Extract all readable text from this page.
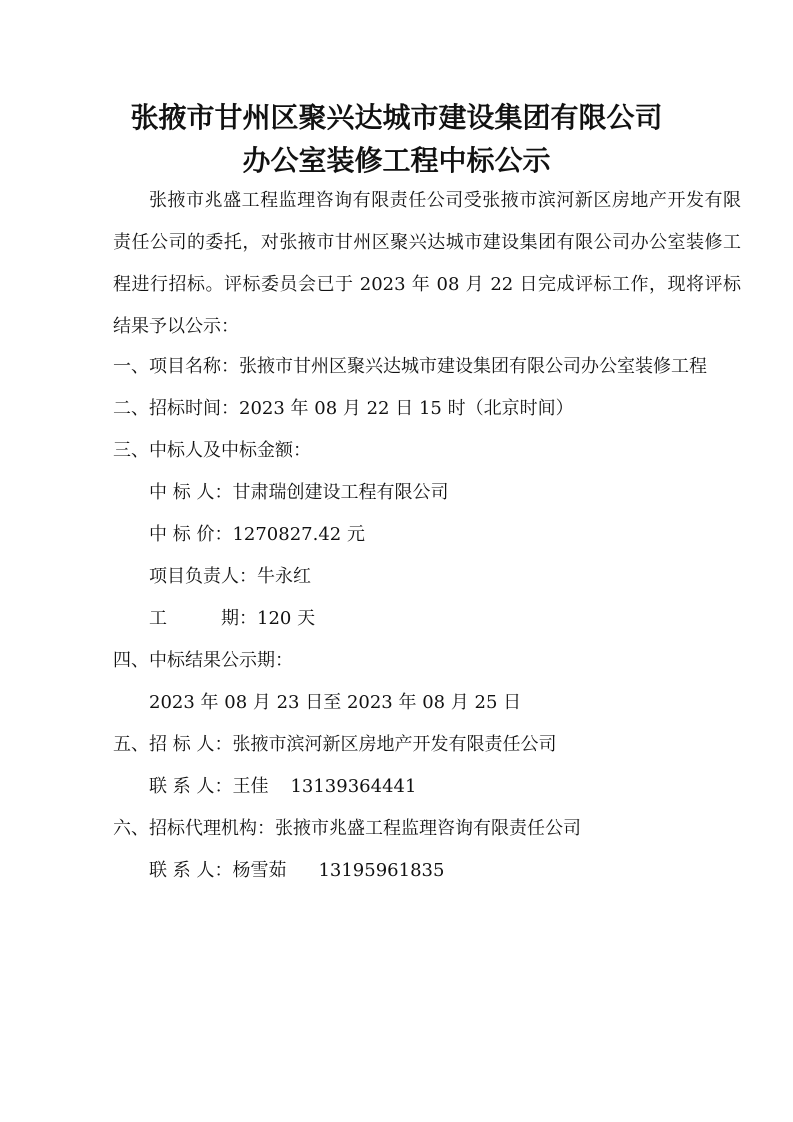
张掖市甘州区聚兴达城市建设集团有限公司
办公室装修工程中标公示
张掖市兆盛工程监理咨询有限责任公司受张掖市滨河新区房地产开发有限责任公司的委托，对张掖市甘州区聚兴达城市建设集团有限公司办公室装修工程进行招标。评标委员会已于 2023 年 08 月 22 日完成评标工作，现将评标结果予以公示：
一、项目名称：张掖市甘州区聚兴达城市建设集团有限公司办公室装修工程
二、招标时间：2023 年 08 月 22 日 15 时（北京时间）
三、中标人及中标金额：
中 标 人：甘肃瑞创建设工程有限公司
中 标 价：1270827.42 元
项目负责人：牛永红
工	期：120 天
四、中标结果公示期：
2023 年 08 月 23 日至 2023 年 08 月 25 日
五、招 标 人：张掖市滨河新区房地产开发有限责任公司
联 系 人：王佳 13139364441
六、招标代理机构：张掖市兆盛工程监理咨询有限责任公司
联 系 人：杨雪茹 13195961835
